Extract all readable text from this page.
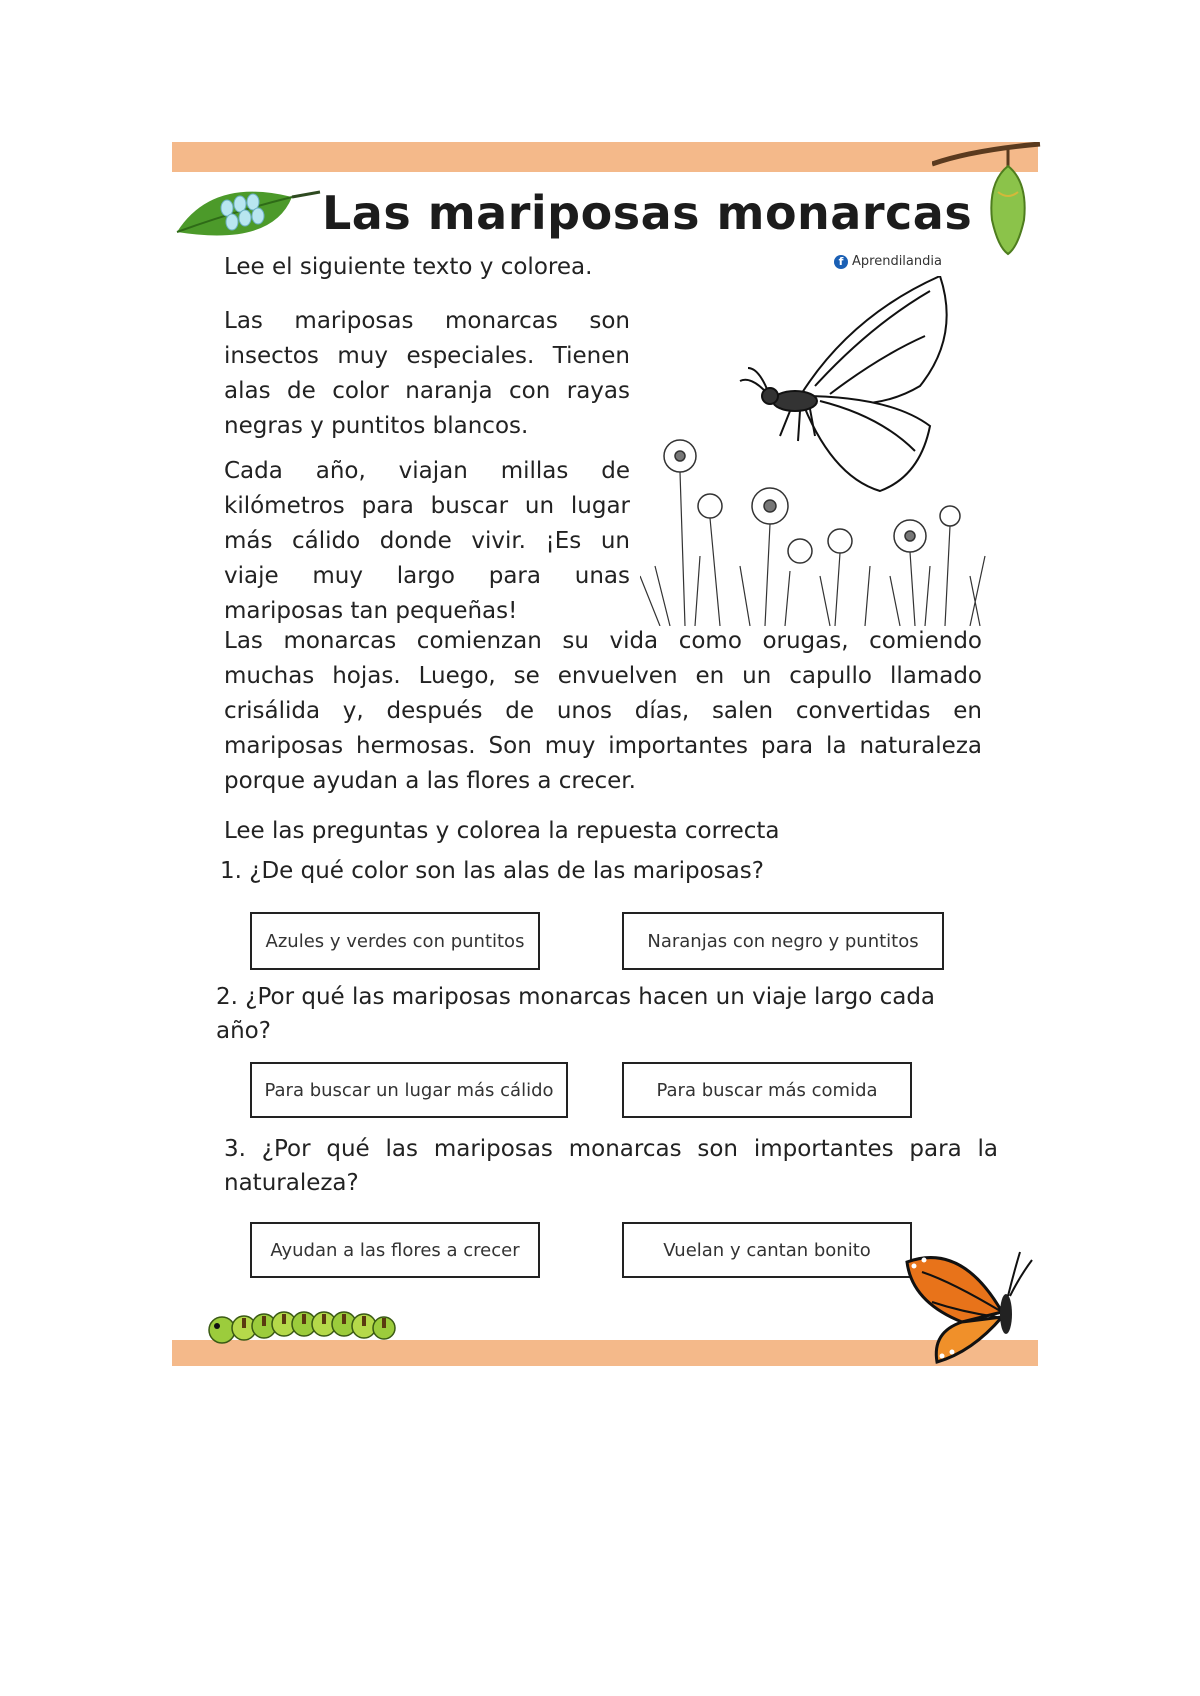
Las mariposas monarcas
f Aprendilandia
Lee el siguiente texto y colorea.
Las mariposas monarcas son insectos muy especiales. Tienen alas de color naranja con rayas negras y puntitos blancos.
Cada año, viajan millas de kilómetros para buscar un lugar más cálido donde vivir. ¡Es un viaje muy largo para unas mariposas tan pequeñas!
Las monarcas comienzan su vida como orugas, comiendo muchas hojas. Luego, se envuelven en un capullo llamado crisálida y, después de unos días, salen convertidas en mariposas hermosas. Son muy importantes para la naturaleza porque ayudan a las flores a crecer.
Lee las preguntas y colorea la repuesta correcta
1. ¿De qué color son las alas de las mariposas?
Azules y verdes con puntitos	Naranjas con negro y puntitos
2. ¿Por qué las mariposas monarcas hacen un viaje largo cada año?
Para buscar un lugar más cálido	Para buscar más comida
3. ¿Por qué las mariposas monarcas son importantes para la naturaleza?
Ayudan a las flores a crecer	Vuelan y cantan bonito
